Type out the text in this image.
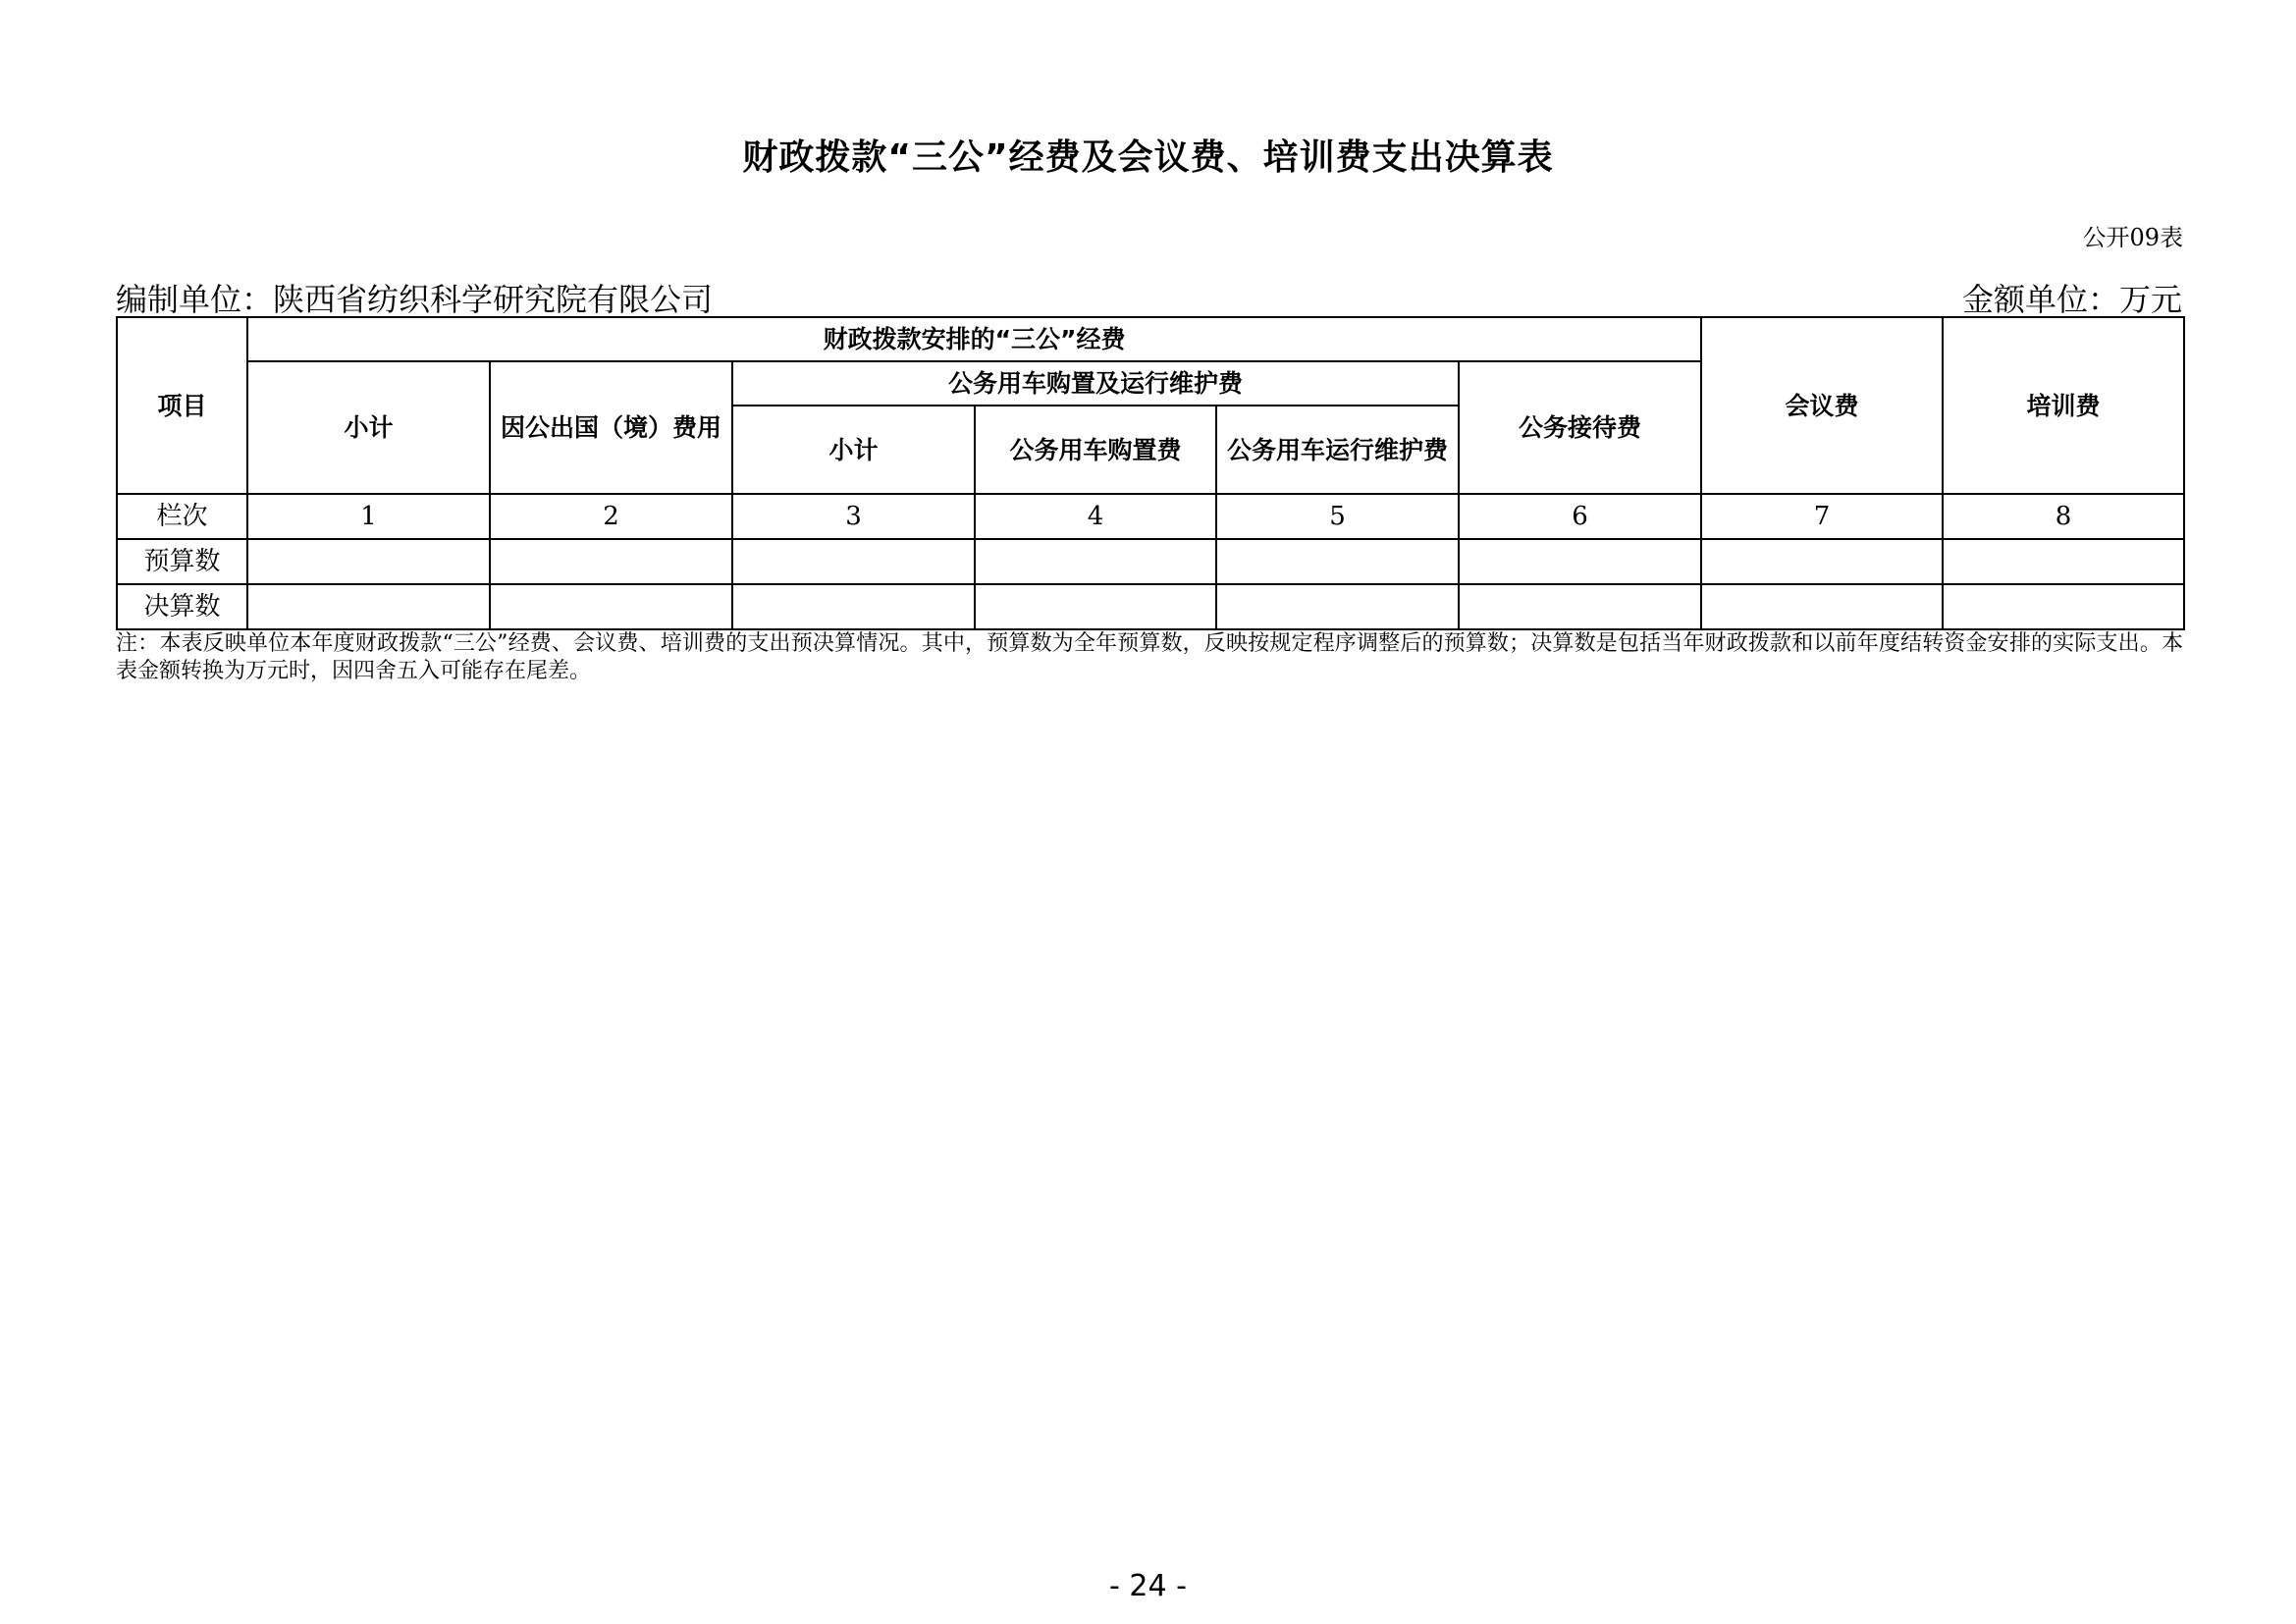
财政拨款“三公”经费及会议费、培训费支出决算表
公开09表
编制单位：陕西省纺织科学研究院有限公司	金额单位：万元
项目	财政拨款安排的“三公”经费						会议费	培训费
	小计	因公出国（境）费用	公务用车购置及运行维护费			公务接待费		
			小计	公务用车购置费	公务用车运行维护费			
栏次	1	2	3	4	5	6	7	8
预算数								
决算数								
注：本表反映单位本年度财政拨款“三公”经费、会议费、培训费的支出预决算情况。其中，预算数为全年预算数，反映按规定程序调整后的预算数；决算数是包括当年财政拨款和以前年度结转资金安排的实际支出。本表金额转换为万元时，因四舍五入可能存在尾差。
- 24 -
